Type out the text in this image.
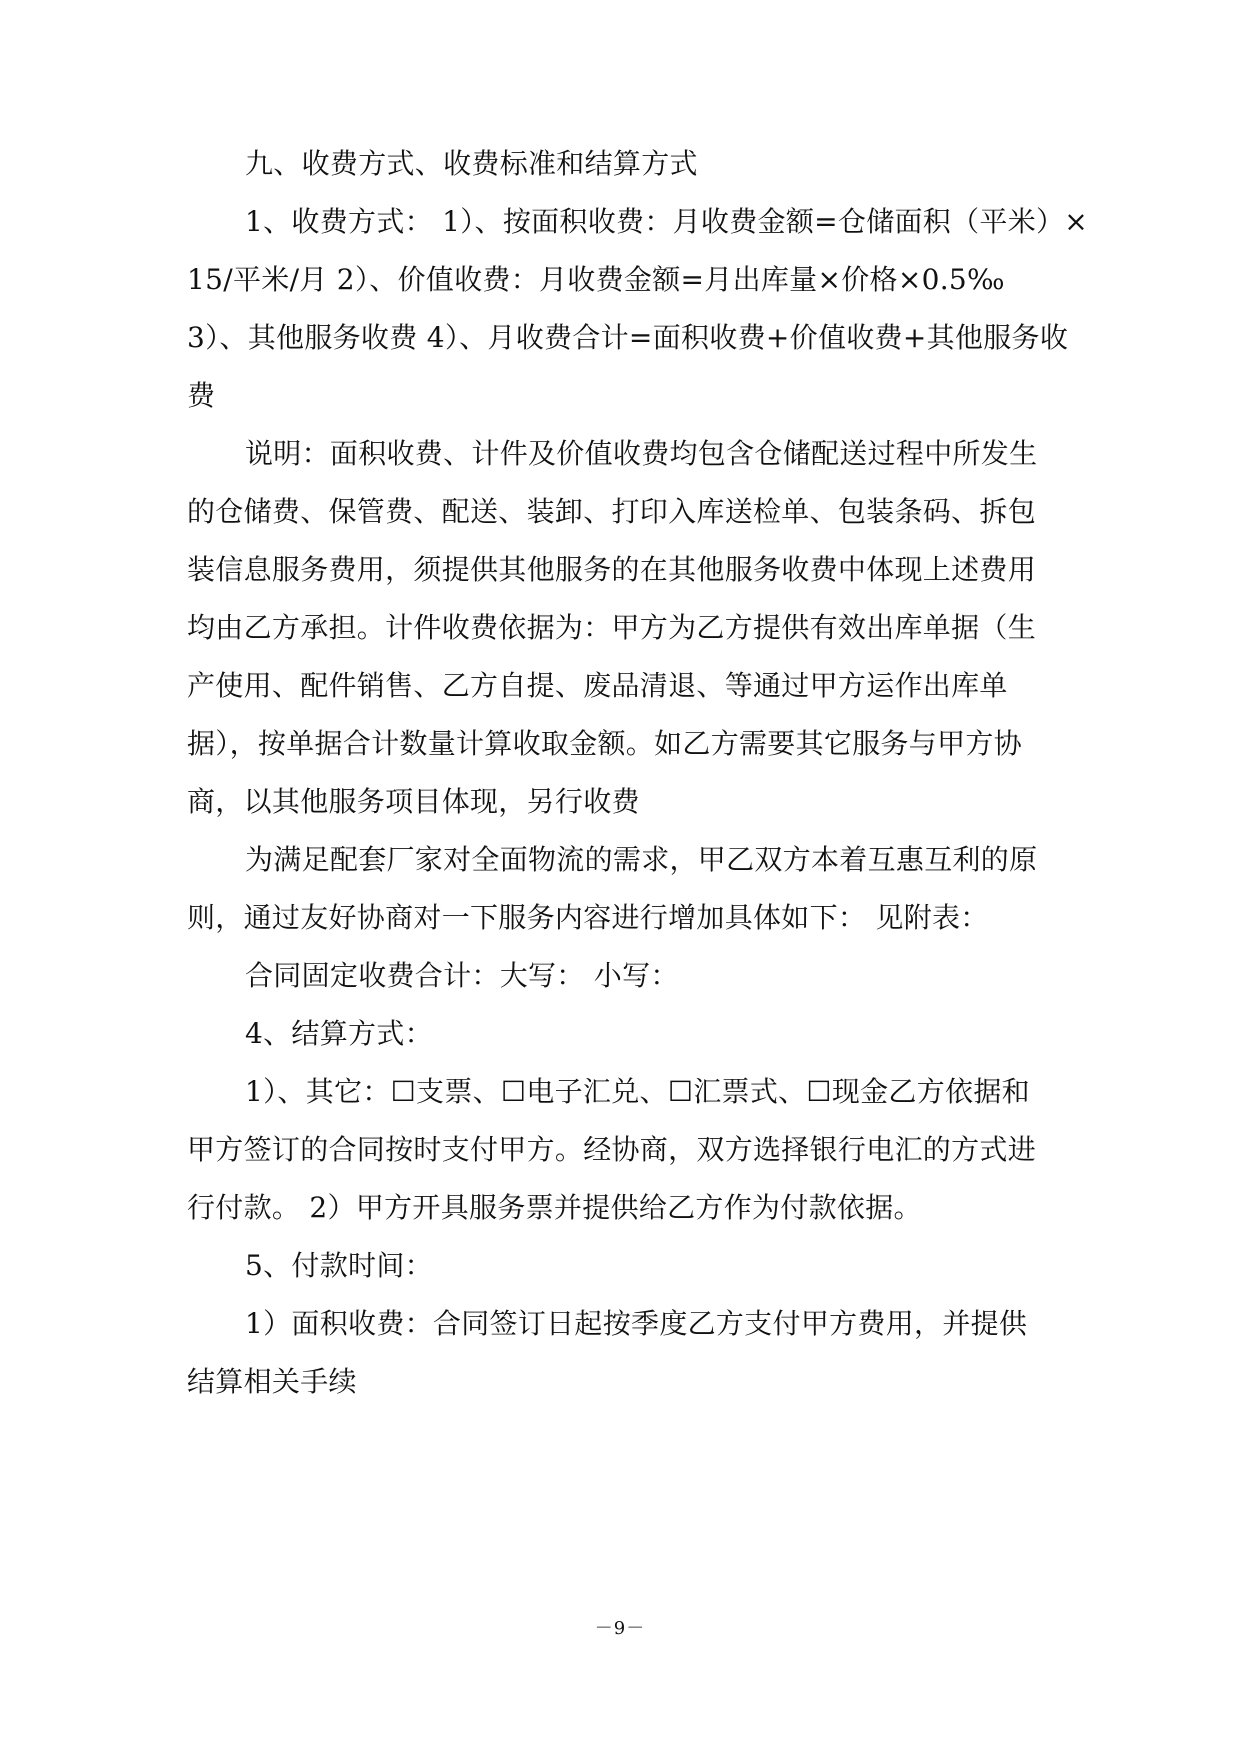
九、收费方式、收费标准和结算方式
1、收费方式： 1）、按面积收费：月收费金额=仓储面积（平米）×
15/平米/月 2）、价值收费：月收费金额=月出库量×价格×0.5‰
3）、其他服务收费 4）、月收费合计=面积收费+价值收费+其他服务收
费
说明：面积收费、计件及价值收费均包含仓储配送过程中所发生
的仓储费、保管费、配送、装卸、打印入库送检单、包装条码、拆包
装信息服务费用，须提供其他服务的在其他服务收费中体现上述费用
均由乙方承担。计件收费依据为：甲方为乙方提供有效出库单据（生
产使用、配件销售、乙方自提、废品清退、等通过甲方运作出库单
据），按单据合计数量计算收取金额。如乙方需要其它服务与甲方协
商，以其他服务项目体现，另行收费
为满足配套厂家对全面物流的需求，甲乙双方本着互惠互利的原
则，通过友好协商对一下服务内容进行增加具体如下： 见附表：
合同固定收费合计：大写： 小写：
4、结算方式：
1）、其它：☐支票、☐电子汇兑、☐汇票式、☐现金乙方依据和
甲方签订的合同按时支付甲方。经协商，双方选择银行电汇的方式进
行付款。 2）甲方开具服务票并提供给乙方作为付款依据。
5、付款时间：
1）面积收费：合同签订日起按季度乙方支付甲方费用，并提供
结算相关手续
－9－
